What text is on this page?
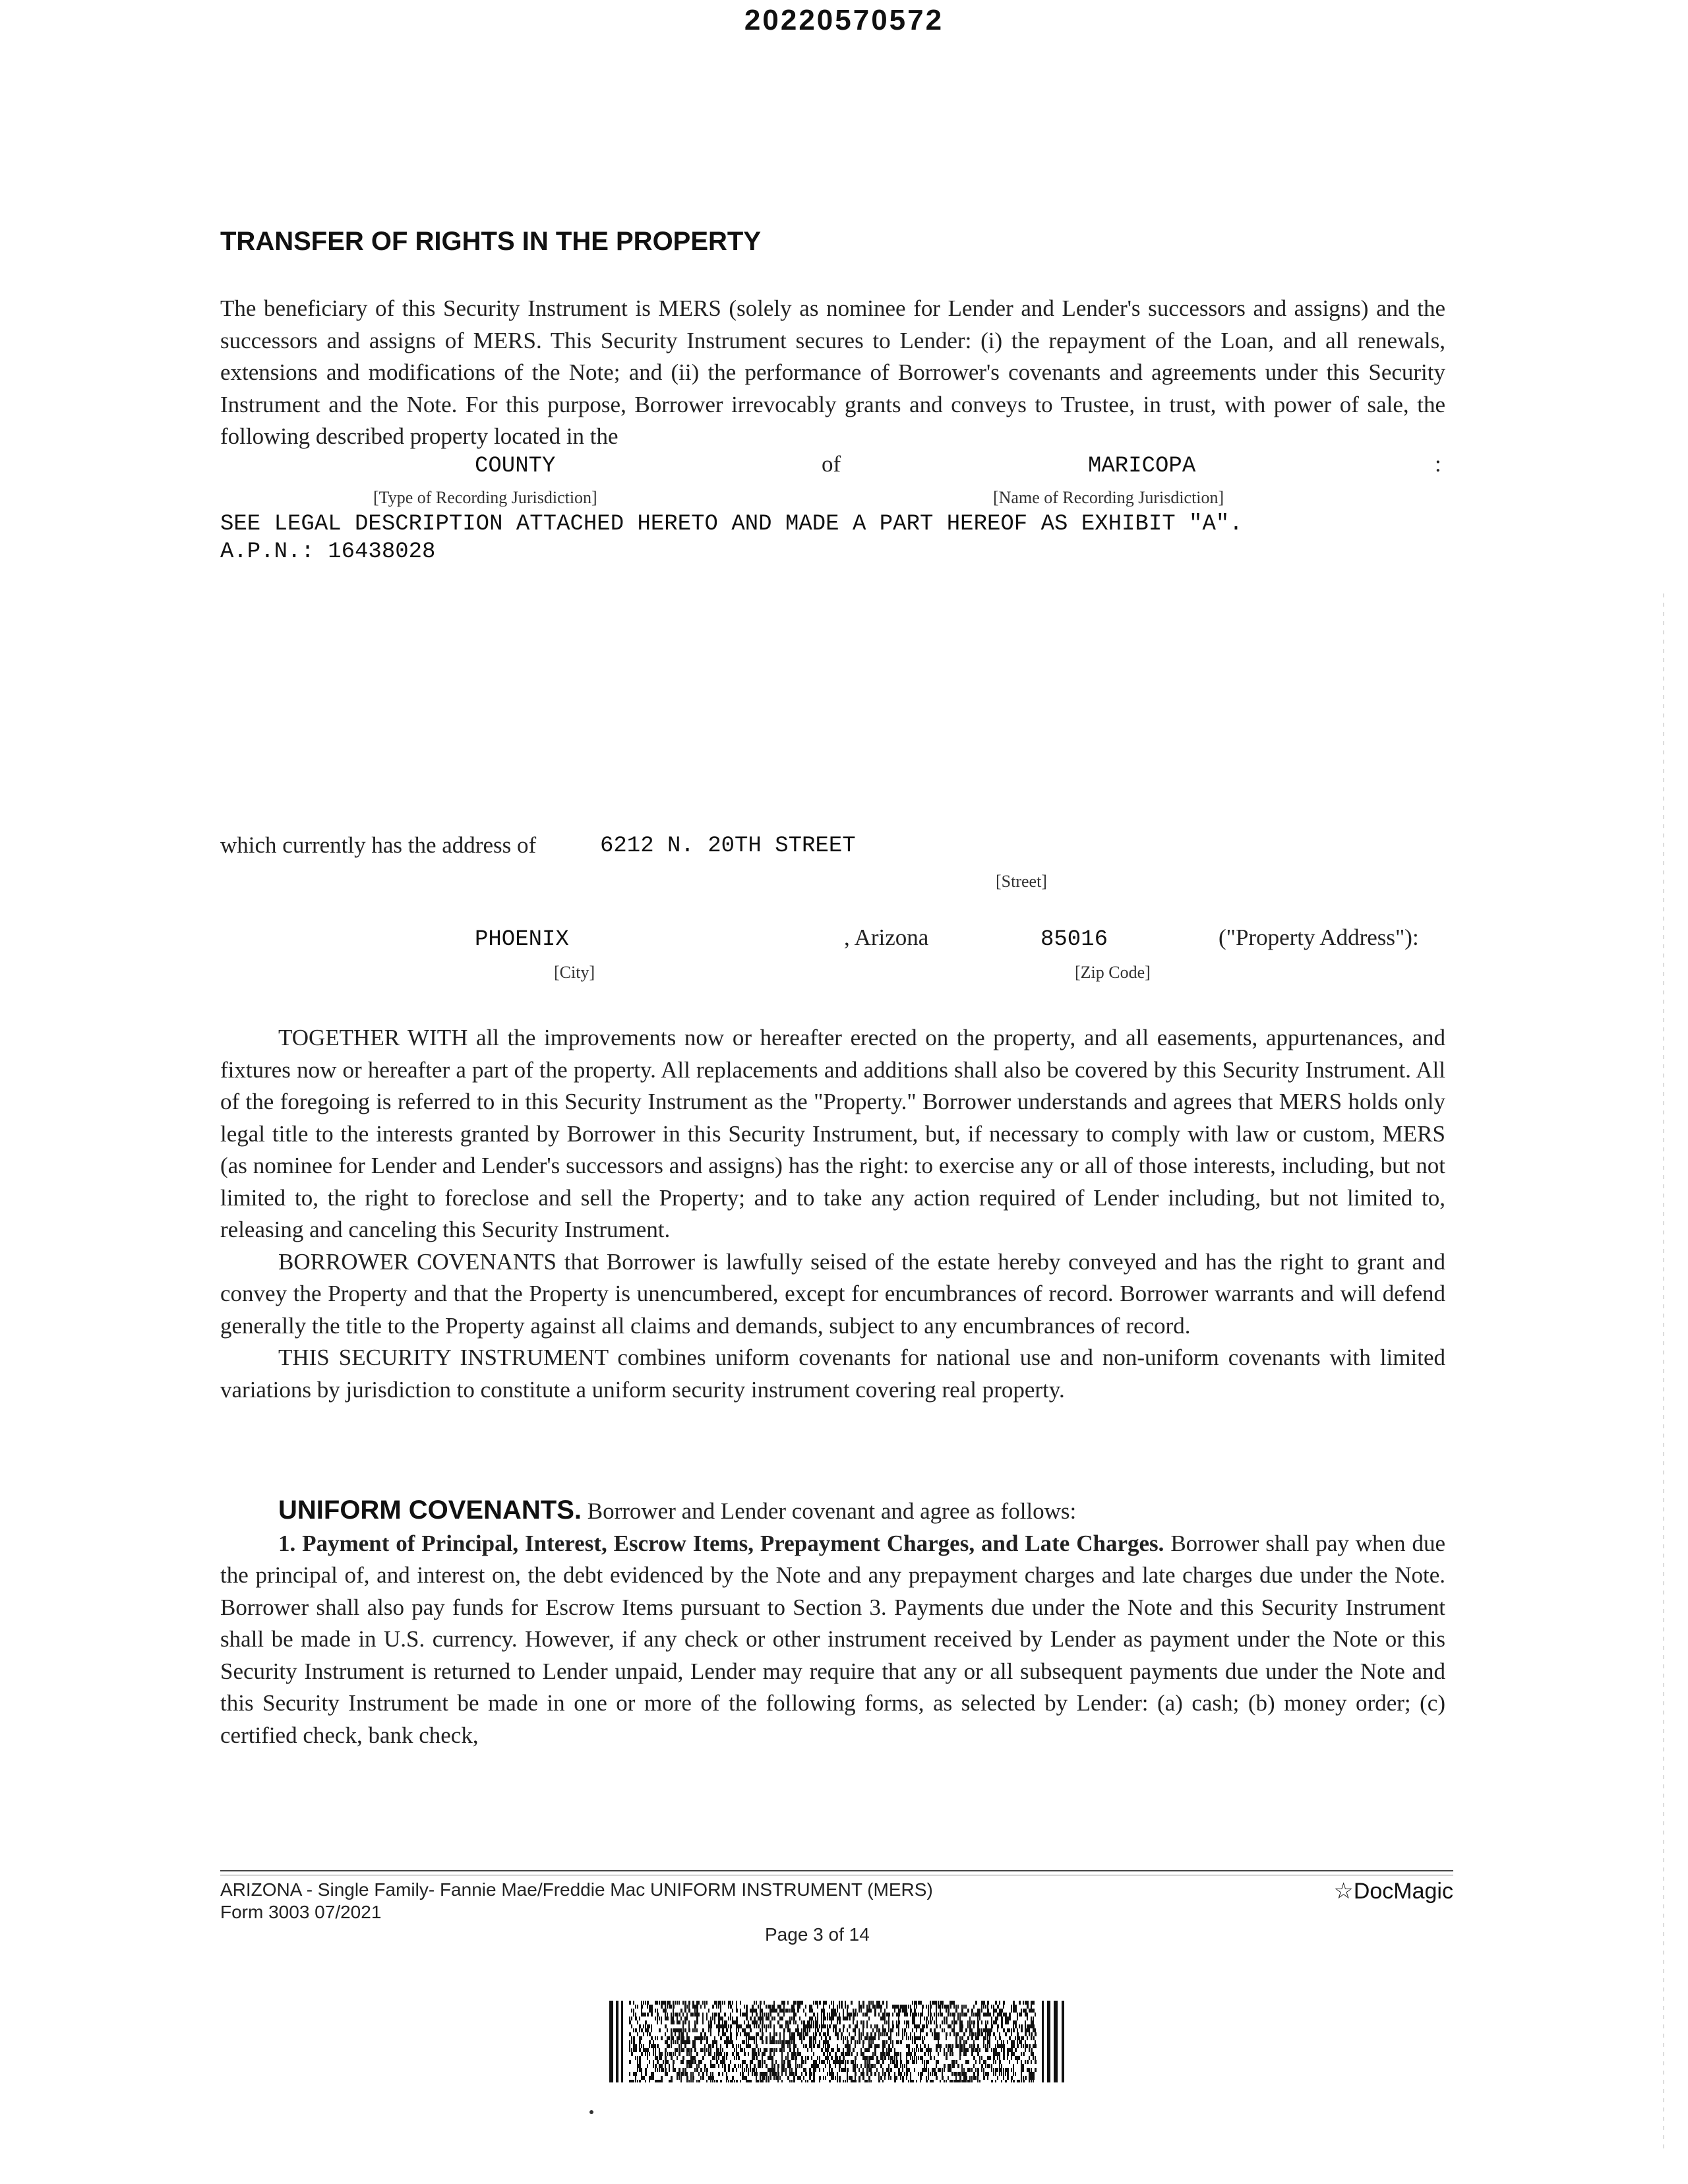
20220570572
TRANSFER OF RIGHTS IN THE PROPERTY

The beneficiary of this Security Instrument is MERS (solely as nominee for Lender and Lender's successors and assigns) and the successors and assigns of MERS. This Security Instrument secures to Lender: (i) the repayment of the Loan, and all renewals, extensions and modifications of the Note; and (ii) the performance of Borrower's covenants and agreements under this Security Instrument and the Note. For this purpose, Borrower irrevocably grants and conveys to Trustee, in trust, with power of sale, the following described property located in the

COUNTY	of	MARICOPA	:
[Type of Recording Jurisdiction]	[Name of Recording Jurisdiction]
SEE LEGAL DESCRIPTION ATTACHED HERETO AND MADE A PART HEREOF AS EXHIBIT "A".
A.P.N.: 16438028
which currently has the address of	6212 N. 20TH STREET
[Street]
PHOENIX	, Arizona	85016	("Property Address"):
[City]	[Zip Code]

TOGETHER WITH all the improvements now or hereafter erected on the property, and all easements, appurtenances, and fixtures now or hereafter a part of the property. All replacements and additions shall also be covered by this Security Instrument. All of the foregoing is referred to in this Security Instrument as the "Property." Borrower understands and agrees that MERS holds only legal title to the interests granted by Borrower in this Security Instrument, but, if necessary to comply with law or custom, MERS (as nominee for Lender and Lender's successors and assigns) has the right: to exercise any or all of those interests, including, but not limited to, the right to foreclose and sell the Property; and to take any action required of Lender including, but not limited to, releasing and canceling this Security Instrument.

BORROWER COVENANTS that Borrower is lawfully seised of the estate hereby conveyed and has the right to grant and convey the Property and that the Property is unencumbered, except for encumbrances of record. Borrower warrants and will defend generally the title to the Property against all claims and demands, subject to any encumbrances of record.

THIS SECURITY INSTRUMENT combines uniform covenants for national use and non-uniform covenants with limited variations by jurisdiction to constitute a uniform security instrument covering real property.

UNIFORM COVENANTS. Borrower and Lender covenant and agree as follows:

1. Payment of Principal, Interest, Escrow Items, Prepayment Charges, and Late Charges. Borrower shall pay when due the principal of, and interest on, the debt evidenced by the Note and any prepayment charges and late charges due under the Note. Borrower shall also pay funds for Escrow Items pursuant to Section 3. Payments due under the Note and this Security Instrument shall be made in U.S. currency. However, if any check or other instrument received by Lender as payment under the Note or this Security Instrument is returned to Lender unpaid, Lender may require that any or all subsequent payments due under the Note and this Security Instrument be made in one or more of the following forms, as selected by Lender: (a) cash; (b) money order; (c) certified check, bank check,

ARIZONA - Single Family- Fannie Mae/Freddie Mac UNIFORM INSTRUMENT (MERS)
Form 3003 07/2021
Page 3 of 14
☆DocMagic
